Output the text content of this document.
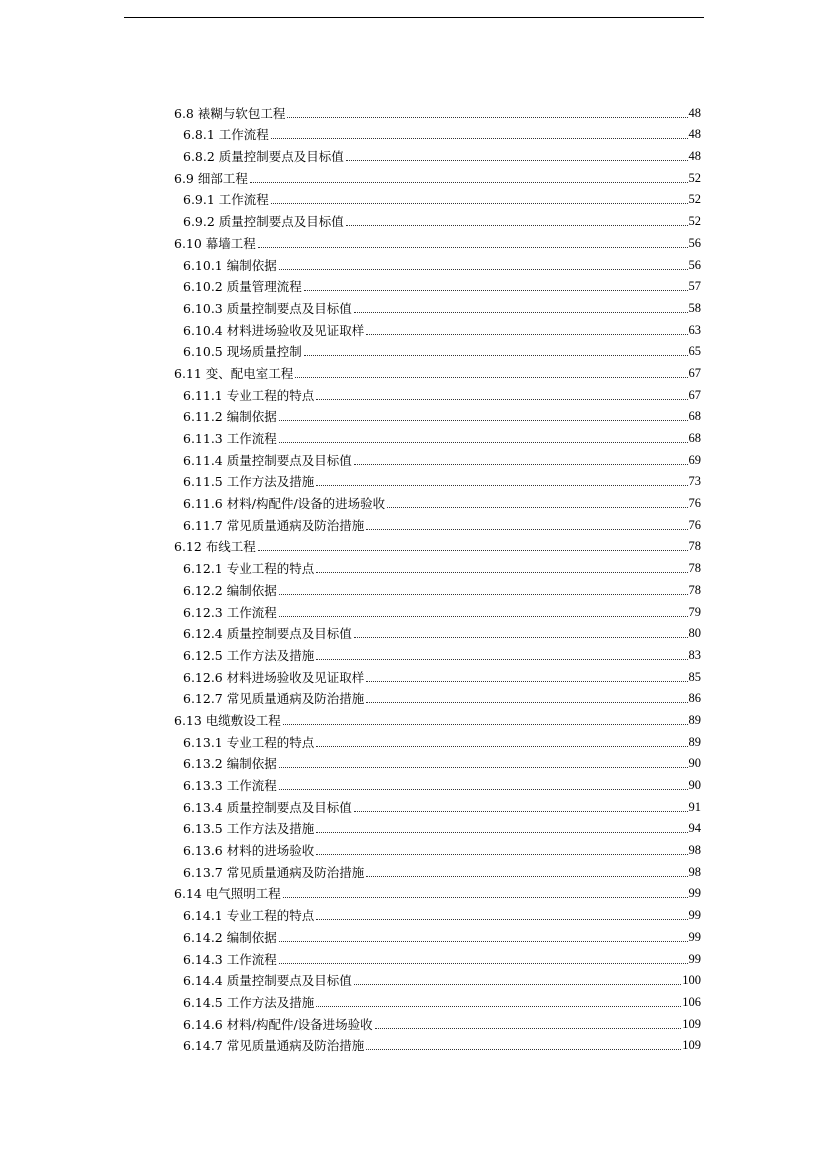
6.8 裱糊与软包工程	48
6.8.1 工作流程	48
6.8.2 质量控制要点及目标值	48
6.9 细部工程	52
6.9.1 工作流程	52
6.9.2 质量控制要点及目标值	52
6.10 幕墙工程	56
6.10.1 编制依据	56
6.10.2 质量管理流程	57
6.10.3 质量控制要点及目标值	58
6.10.4 材料进场验收及见证取样	63
6.10.5 现场质量控制	65
6.11 变、配电室工程	67
6.11.1 专业工程的特点	67
6.11.2 编制依据	68
6.11.3 工作流程	68
6.11.4 质量控制要点及目标值	69
6.11.5 工作方法及措施	73
6.11.6 材料/构配件/设备的进场验收	76
6.11.7 常见质量通病及防治措施	76
6.12 布线工程	78
6.12.1 专业工程的特点	78
6.12.2 编制依据	78
6.12.3 工作流程	79
6.12.4 质量控制要点及目标值	80
6.12.5 工作方法及措施	83
6.12.6 材料进场验收及见证取样	85
6.12.7 常见质量通病及防治措施	86
6.13 电缆敷设工程	89
6.13.1 专业工程的特点	89
6.13.2 编制依据	90
6.13.3 工作流程	90
6.13.4 质量控制要点及目标值	91
6.13.5 工作方法及措施	94
6.13.6 材料的进场验收	98
6.13.7 常见质量通病及防治措施	98
6.14 电气照明工程	99
6.14.1 专业工程的特点	99
6.14.2 编制依据	99
6.14.3 工作流程	99
6.14.4 质量控制要点及目标值	100
6.14.5 工作方法及措施	106
6.14.6 材料/构配件/设备进场验收	109
6.14.7 常见质量通病及防治措施	109
